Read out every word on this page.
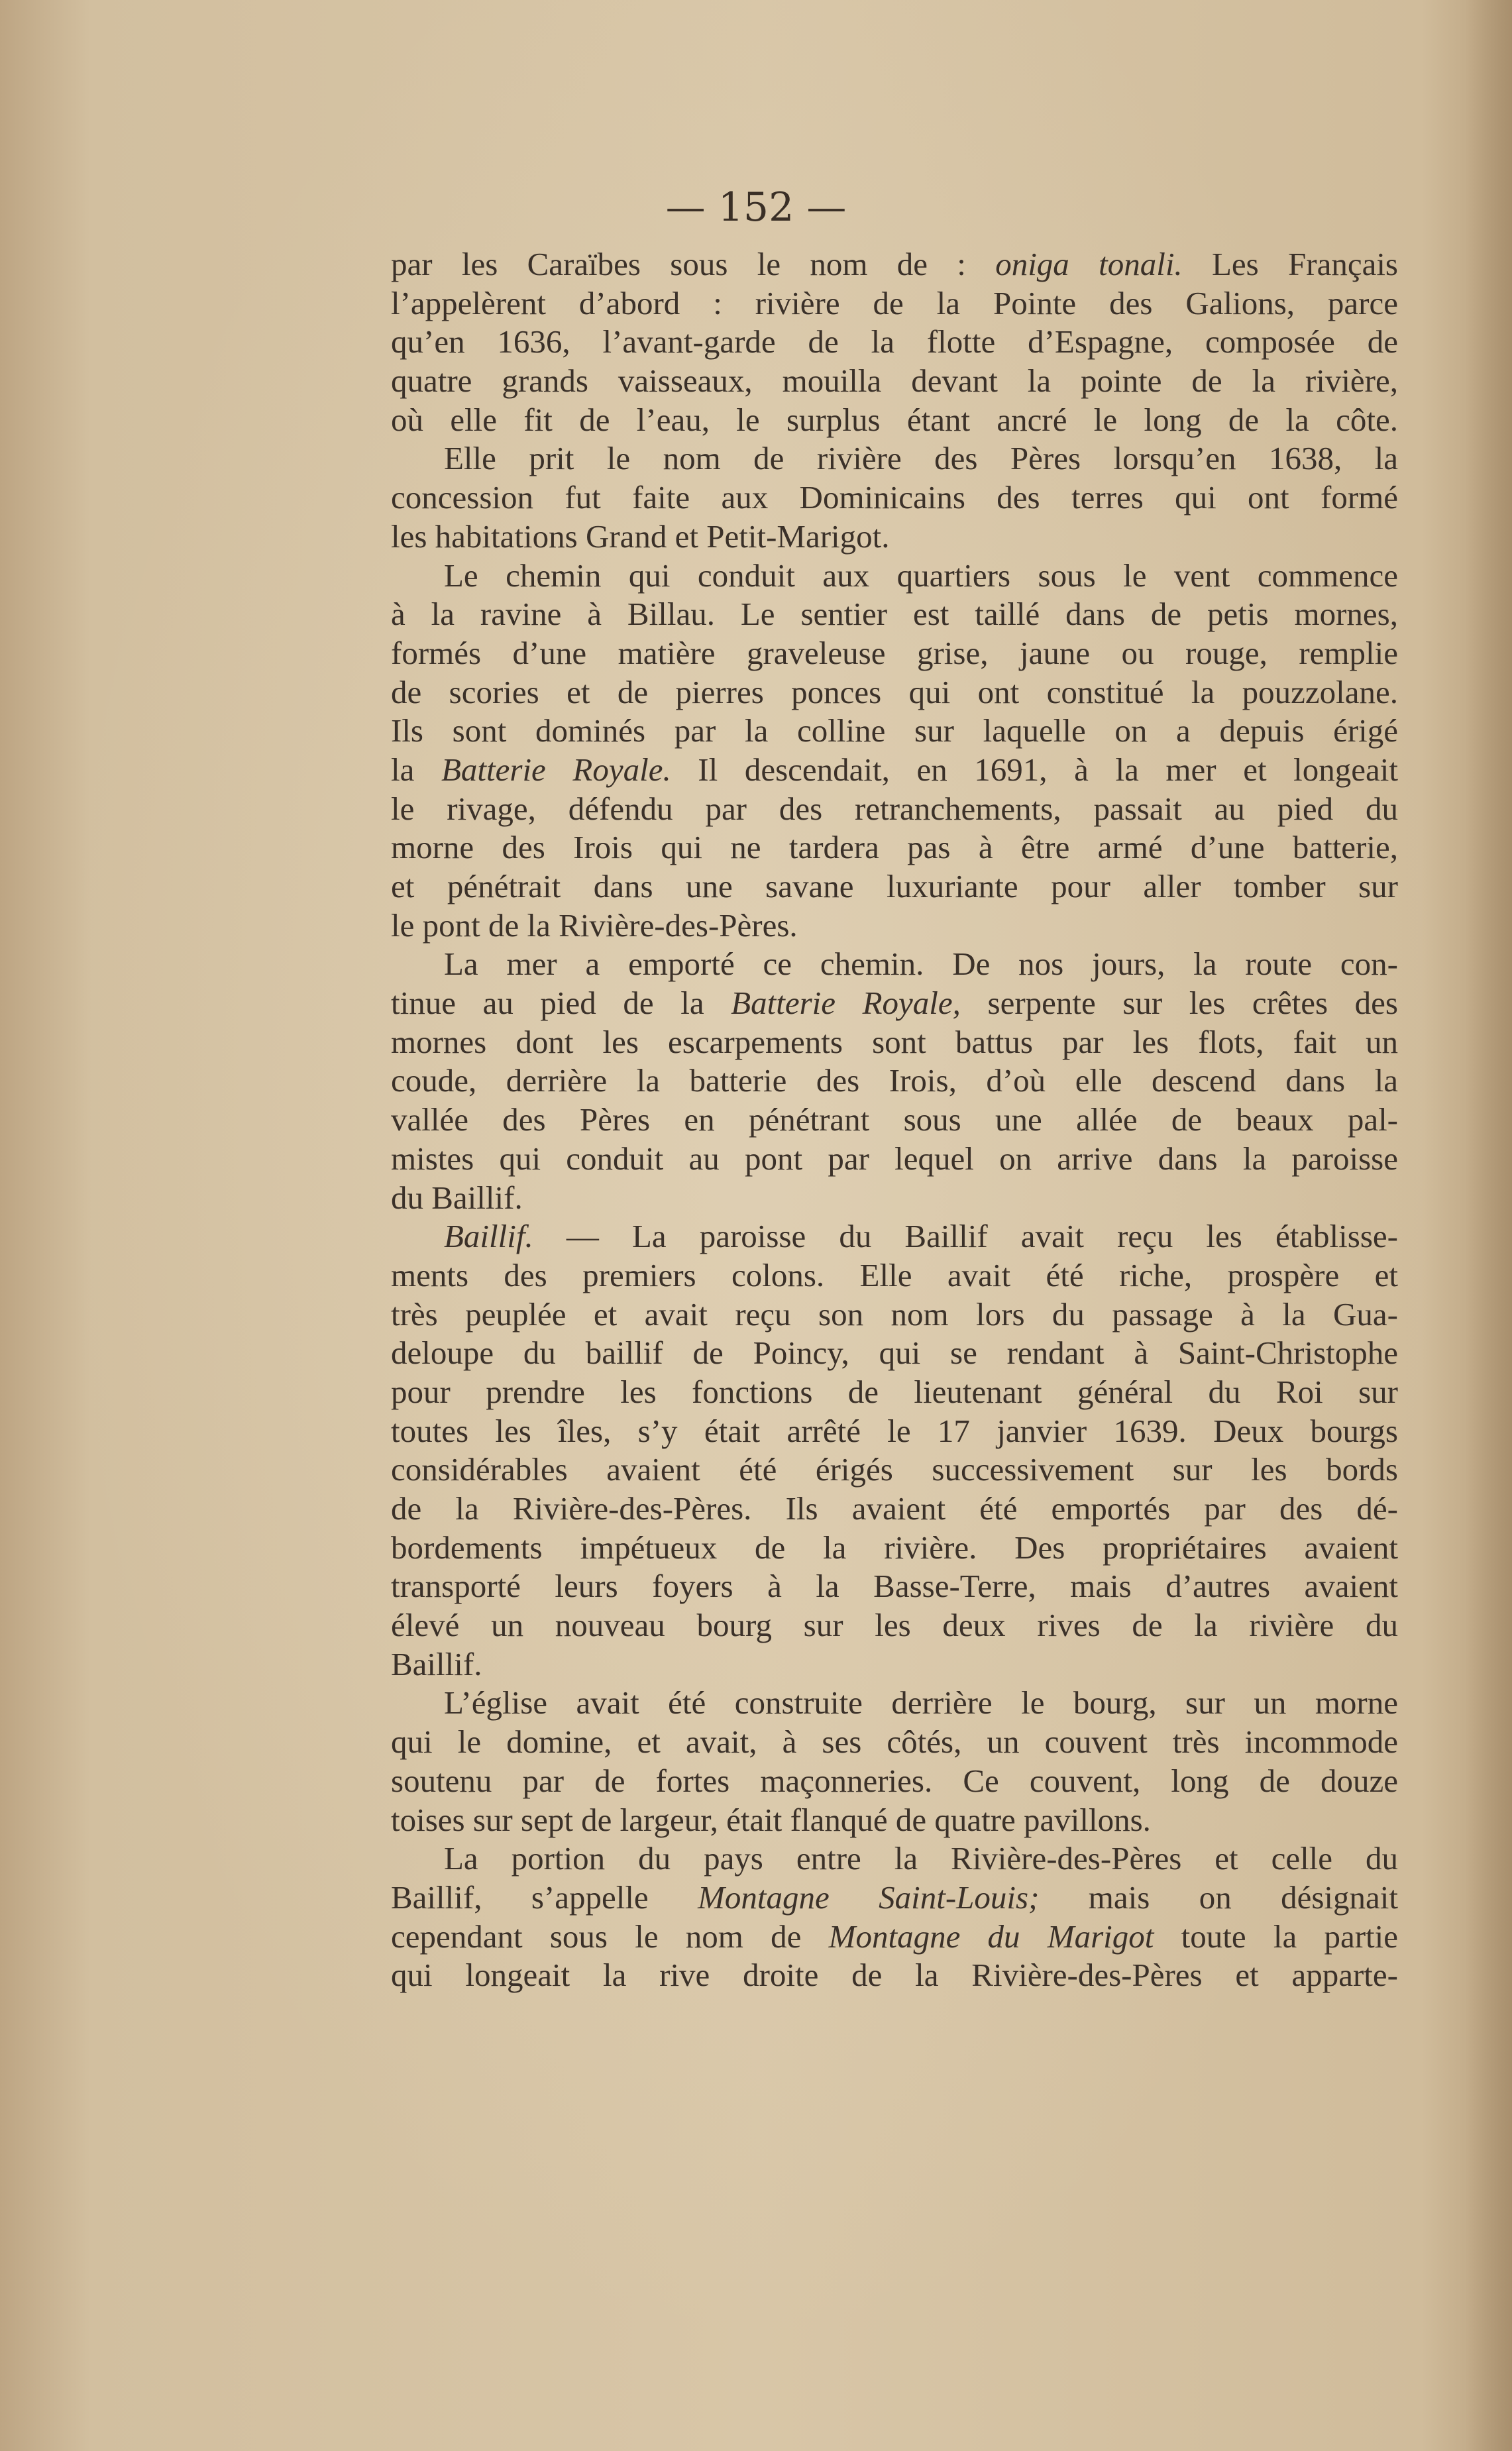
— 152 —
par les Caraïbes sous le nom de : oniga tonali. Les Français
l’appelèrent d’abord : rivière de la Pointe des Galions, parce
qu’en 1636, l’avant-garde de la flotte d’Espagne, composée de
quatre grands vaisseaux, mouilla devant la pointe de la rivière,
où elle fit de l’eau, le surplus étant ancré le long de la côte.
Elle prit le nom de rivière des Pères lorsqu’en 1638, la
concession fut faite aux Dominicains des terres qui ont formé
les habitations Grand et Petit-Marigot.
Le chemin qui conduit aux quartiers sous le vent commence
à la ravine à Billau. Le sentier est taillé dans de petis mornes,
formés d’une matière graveleuse grise, jaune ou rouge, remplie
de scories et de pierres ponces qui ont constitué la pouzzolane.
Ils sont dominés par la colline sur laquelle on a depuis érigé
la Batterie Royale. Il descendait, en 1691, à la mer et longeait
le rivage, défendu par des retranchements, passait au pied du
morne des Irois qui ne tardera pas à être armé d’une batterie,
et pénétrait dans une savane luxuriante pour aller tomber sur
le pont de la Rivière-des-Pères.
La mer a emporté ce chemin. De nos jours, la route con-
tinue au pied de la Batterie Royale, serpente sur les crêtes des
mornes dont les escarpements sont battus par les flots, fait un
coude, derrière la batterie des Irois, d’où elle descend dans la
vallée des Pères en pénétrant sous une allée de beaux pal-
mistes qui conduit au pont par lequel on arrive dans la paroisse
du Baillif.
Baillif. — La paroisse du Baillif avait reçu les établisse-
ments des premiers colons. Elle avait été riche, prospère et
très peuplée et avait reçu son nom lors du passage à la Gua-
deloupe du baillif de Poincy, qui se rendant à Saint-Christophe
pour prendre les fonctions de lieutenant général du Roi sur
toutes les îles, s’y était arrêté le 17 janvier 1639. Deux bourgs
considérables avaient été érigés successivement sur les bords
de la Rivière-des-Pères. Ils avaient été emportés par des dé-
bordements impétueux de la rivière. Des propriétaires avaient
transporté leurs foyers à la Basse-Terre, mais d’autres avaient
élevé un nouveau bourg sur les deux rives de la rivière du
Baillif.
L’église avait été construite derrière le bourg, sur un morne
qui le domine, et avait, à ses côtés, un couvent très incommode
soutenu par de fortes maçonneries. Ce couvent, long de douze
toises sur sept de largeur, était flanqué de quatre pavillons.
La portion du pays entre la Rivière-des-Pères et celle du
Baillif, s’appelle Montagne Saint-Louis; mais on désignait
cependant sous le nom de Montagne du Marigot toute la partie
qui longeait la rive droite de la Rivière-des-Pères et apparte-
